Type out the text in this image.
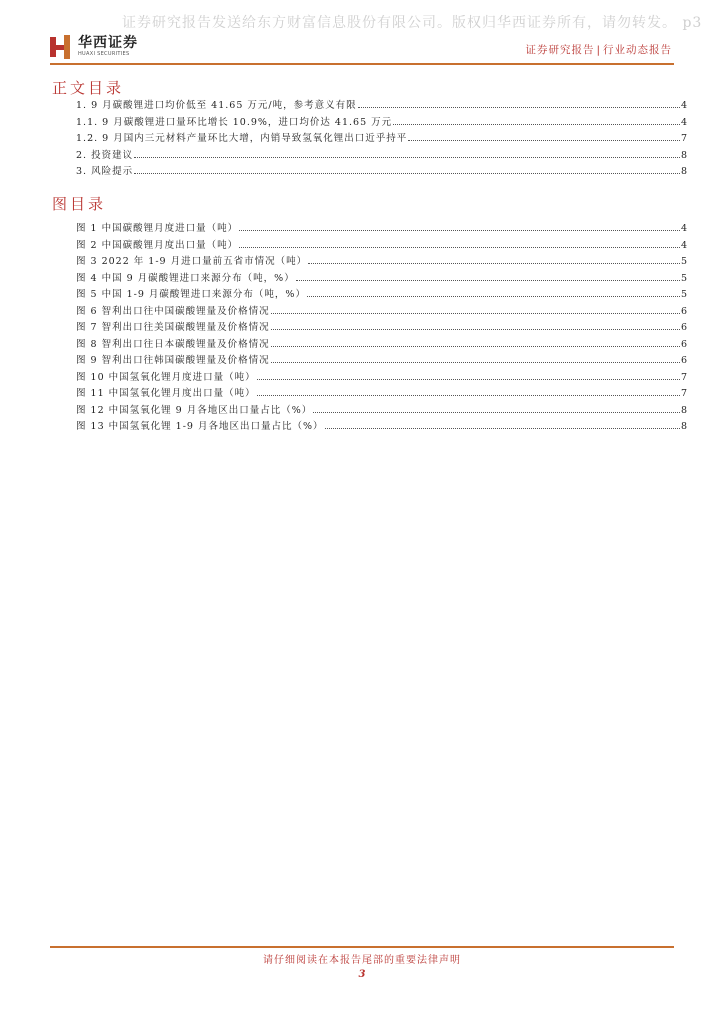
证券研究报告发送给东方财富信息股份有限公司。版权归华西证券所有，请勿转发。 p3
华西证券
HUAXI SECURITIES	证券研究报告 | 行业动态报告
正文目录
1. 9 月碳酸锂进口均价低至 41.65 万元/吨，参考意义有限	4
1.1. 9 月碳酸锂进口量环比增长 10.9%，进口均价达 41.65 万元	4
1.2. 9 月国内三元材料产量环比大增，内销导致氢氧化锂出口近乎持平	7
2. 投资建议	8
3. 风险提示	8
图目录
图 1 中国碳酸锂月度进口量（吨）	4
图 2 中国碳酸锂月度出口量（吨）	4
图 3 2022 年 1-9 月进口量前五省市情况（吨）	5
图 4 中国 9 月碳酸锂进口来源分布（吨，%）	5
图 5 中国 1-9 月碳酸锂进口来源分布（吨，%）	5
图 6 智利出口往中国碳酸锂量及价格情况	6
图 7 智利出口往美国碳酸锂量及价格情况	6
图 8 智利出口往日本碳酸锂量及价格情况	6
图 9 智利出口往韩国碳酸锂量及价格情况	6
图 10 中国氢氧化锂月度进口量（吨）	7
图 11 中国氢氧化锂月度出口量（吨）	7
图 12 中国氢氧化锂 9 月各地区出口量占比（%）	8
图 13 中国氢氧化锂 1-9 月各地区出口量占比（%）	8
请仔细阅读在本报告尾部的重要法律声明
3
